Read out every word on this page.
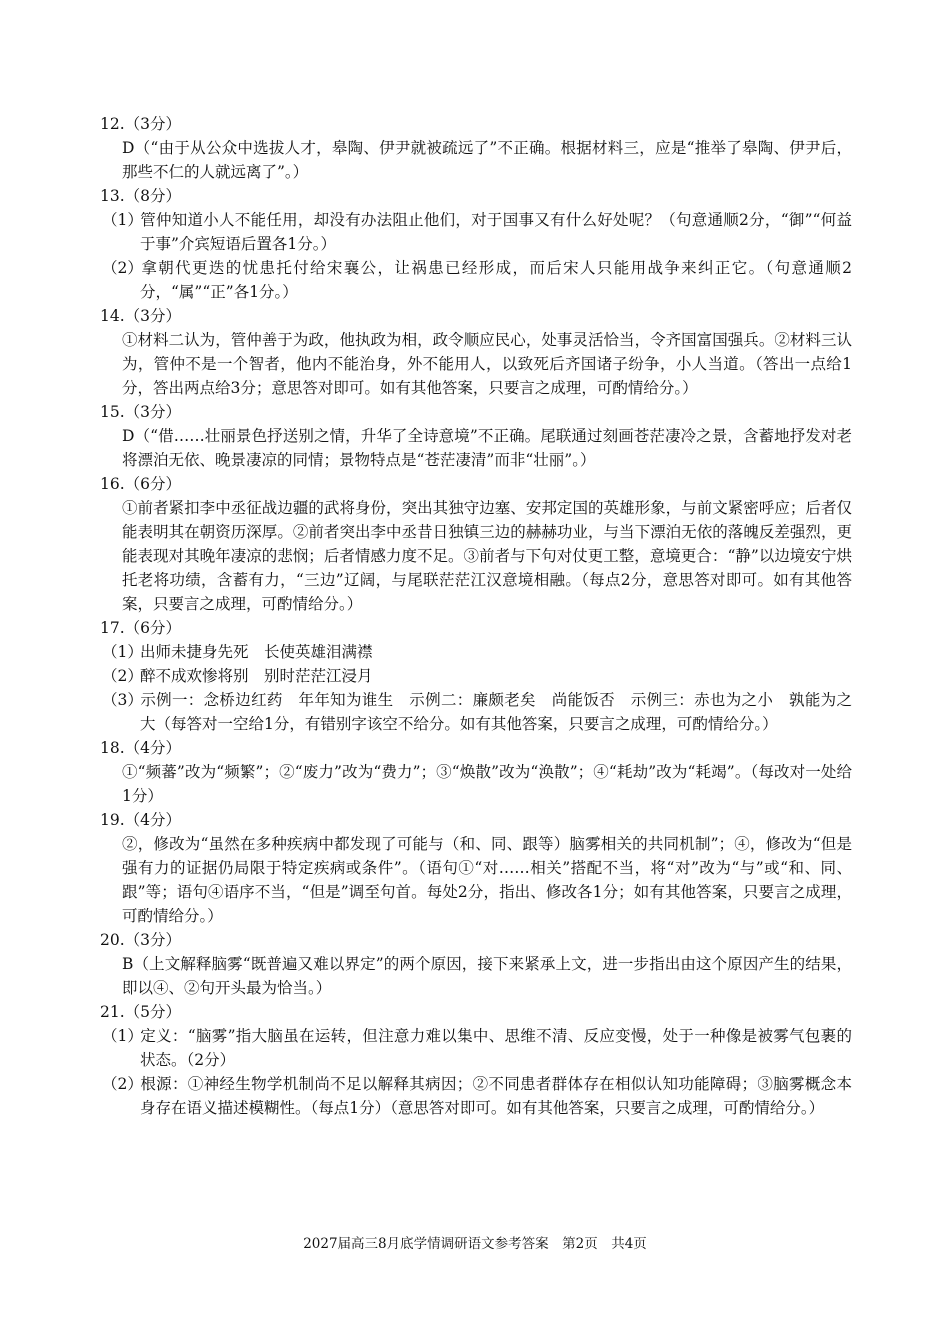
12.（3分）
D（“由于从公众中选拔人才，皋陶、伊尹就被疏远了”不正确。根据材料三，应是“推举了皋陶、伊尹后，那些不仁的人就远离了”。）
13.（8分）
（1）管仲知道小人不能任用，却没有办法阻止他们，对于国事又有什么好处呢？（句意通顺2分，“御”“何益于事”介宾短语后置各1分。）
（2）拿朝代更迭的忧患托付给宋襄公，让祸患已经形成，而后宋人只能用战争来纠正它。（句意通顺2分，“属”“正”各1分。）
14.（3分）
①材料二认为，管仲善于为政，他执政为相，政令顺应民心，处事灵活恰当，令齐国富国强兵。②材料三认为，管仲不是一个智者，他内不能治身，外不能用人，以致死后齐国诸子纷争，小人当道。（答出一点给1分，答出两点给3分；意思答对即可。如有其他答案，只要言之成理，可酌情给分。）
15.（3分）
D（“借……壮丽景色抒送别之情，升华了全诗意境”不正确。尾联通过刻画苍茫凄冷之景，含蓄地抒发对老将漂泊无依、晚景凄凉的同情；景物特点是“苍茫凄清”而非“壮丽”。）
16.（6分）
①前者紧扣李中丞征战边疆的武将身份，突出其独守边塞、安邦定国的英雄形象，与前文紧密呼应；后者仅能表明其在朝资历深厚。②前者突出李中丞昔日独镇三边的赫赫功业，与当下漂泊无依的落魄反差强烈，更能表现对其晚年凄凉的悲悯；后者情感力度不足。③前者与下句对仗更工整，意境更合：“静”以边境安宁烘托老将功绩，含蓄有力，“三边”辽阔，与尾联茫茫江汉意境相融。（每点2分，意思答对即可。如有其他答案，只要言之成理，可酌情给分。）
17.（6分）
（1）出师未捷身先死　长使英雄泪满襟
（2）醉不成欢惨将别　别时茫茫江浸月
（3）示例一：念桥边红药　年年知为谁生　示例二：廉颇老矣　尚能饭否　示例三：赤也为之小　孰能为之大（每答对一空给1分，有错别字该空不给分。如有其他答案，只要言之成理，可酌情给分。）
18.（4分）
①“频蕃”改为“频繁”；②“废力”改为“费力”；③“焕散”改为“涣散”；④“耗劫”改为“耗竭”。（每改对一处给1分）
19.（4分）
②，修改为“虽然在多种疾病中都发现了可能与（和、同、跟等）脑雾相关的共同机制”；④，修改为“但是强有力的证据仍局限于特定疾病或条件”。（语句①“对……相关”搭配不当，将“对”改为“与”或“和、同、跟”等；语句④语序不当，“但是”调至句首。每处2分，指出、修改各1分；如有其他答案，只要言之成理，可酌情给分。）
20.（3分）
B（上文解释脑雾“既普遍又难以界定”的两个原因，接下来紧承上文，进一步指出由这个原因产生的结果，即以④、②句开头最为恰当。）
21.（5分）
（1）定义：“脑雾”指大脑虽在运转，但注意力难以集中、思维不清、反应变慢，处于一种像是被雾气包裹的状态。（2分）
（2）根源：①神经生物学机制尚不足以解释其病因；②不同患者群体存在相似认知功能障碍；③脑雾概念本身存在语义描述模糊性。（每点1分）（意思答对即可。如有其他答案，只要言之成理，可酌情给分。）
2027届高三8月底学情调研语文参考答案　第2页　共4页
